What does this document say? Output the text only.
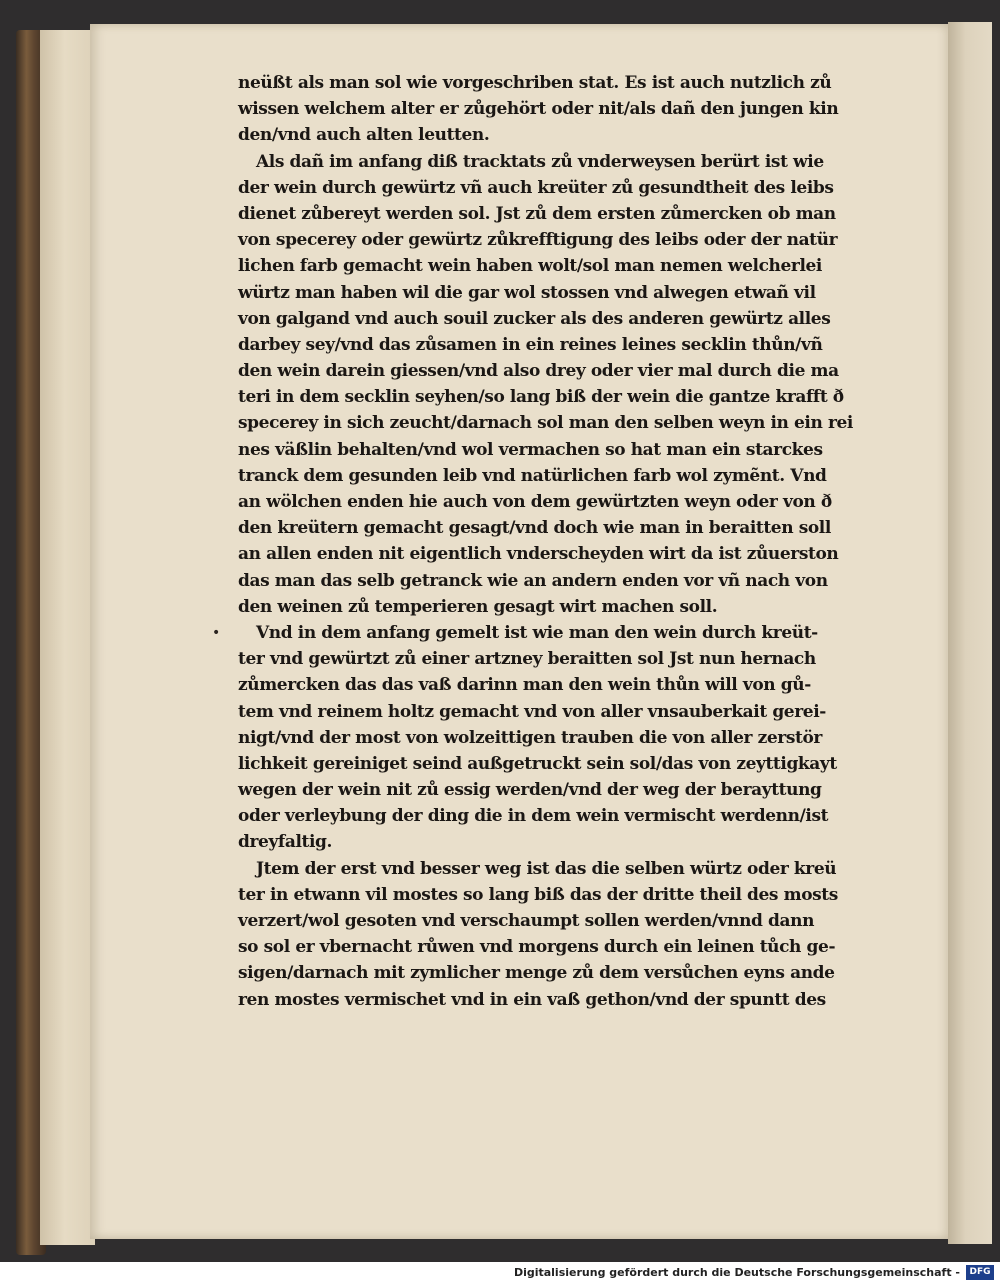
neüßt als man sol wie vorgeschriben stat. Es ist auch nutzlich zů
wissen welchem alter er zůgehört oder nit/als dañ den jungen kin
den/vnd auch alten leutten.
Als dañ im anfang diß tracktats zů vnderweysen berürt ist wie
der wein durch gewürtz vñ auch kreüter zů gesundtheit des leibs
dienet zůbereyt werden sol. Jst zů dem ersten zůmercken ob man
von specerey oder gewürtz zůkrefftigung des leibs oder der natür
lichen farb gemacht wein haben wolt/sol man nemen welcherlei
würtz man haben wil die gar wol stossen vnd alwegen etwañ vil
von galgand vnd auch souil zucker als des anderen gewürtz alles
darbey sey/vnd das zůsamen in ein reines leines secklin thůn/vñ
den wein darein giessen/vnd also drey oder vier mal durch die ma
teri in dem secklin seyhen/so lang biß der wein die gantze krafft ð
specerey in sich zeucht/darnach sol man den selben weyn in ein rei
nes väßlin behalten/vnd wol vermachen so hat man ein starckes
tranck dem gesunden leib vnd natürlichen farb wol zymẽnt. Vnd
an wölchen enden hie auch von dem gewürtzten weyn oder von ð
den kreütern gemacht gesagt/vnd doch wie man in beraitten soll
an allen enden nit eigentlich vnderscheyden wirt da ist zůuerston
das man das selb getranck wie an andern enden vor vñ nach von
den weinen zů temperieren gesagt wirt machen soll.
Vnd in dem anfang gemelt ist wie man den wein durch kreüt-
ter vnd gewürtzt zů einer artzney beraitten sol Jst nun hernach
zůmercken das das vaß darinn man den wein thůn will von gů-
tem vnd reinem holtz gemacht vnd von aller vnsauberkait gerei-
nigt/vnd der most von wolzeittigen trauben die von aller zerstör
lichkeit gereiniget seind außgetruckt sein sol/das von zeyttigkayt
wegen der wein nit zů essig werden/vnd der weg der berayttung
oder verleybung der ding die in dem wein vermischt werdenn/ist
dreyfaltig.
Jtem der erst vnd besser weg ist das die selben würtz oder kreü
ter in etwann vil mostes so lang biß das der dritte theil des mosts
verzert/wol gesoten vnd verschaumpt sollen werden/vnnd dann
so sol er vbernacht růwen vnd morgens durch ein leinen tůch ge-
sigen/darnach mit zymlicher menge zů dem versůchen eyns ande
ren mostes vermischet vnd in ein vaß gethon/vnd der spuntt des
•
Digitalisierung gefördert durch die Deutsche Forschungsgemeinschaft -	DFG
